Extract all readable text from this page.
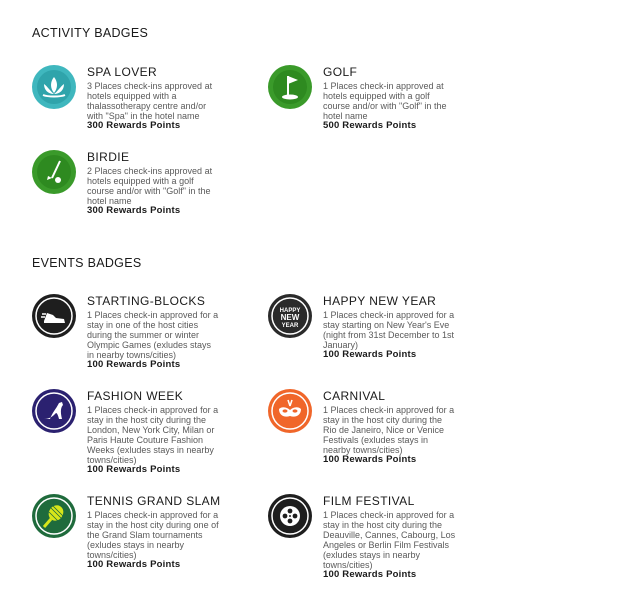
ACTIVITY BADGES
SPA LOVER
3 Places check-ins approved at
hotels equipped with a
thalassotherapy centre and/or
with "Spa" in the hotel name
300 Rewards Points
GOLF
1 Places check-in approved at
hotels equipped with a golf
course and/or with "Golf" in the
hotel name
500 Rewards Points
BIRDIE
2 Places check-ins approved at
hotels equipped with a golf
course and/or with "Golf" in the
hotel name
300 Rewards Points
EVENTS BADGES
STARTING-BLOCKS
1 Places check-in approved for a
stay in one of the host cities
during the summer or winter
Olympic Games (exludes stays
in nearby towns/cities)
100 Rewards Points
HAPPY
NEW
YEAR
HAPPY NEW YEAR
1 Places check-in approved for a
stay starting on New Year's Eve
(night from 31st December to 1st
January)
100 Rewards Points
FASHION WEEK
1 Places check-in approved for a
stay in the host city during the
London, New York City, Milan or
Paris Haute Couture Fashion
Weeks (exludes stays in nearby
towns/cities)
100 Rewards Points
CARNIVAL
1 Places check-in approved for a
stay in the host city during the
Rio de Janeiro, Nice or Venice
Festivals (exludes stays in
nearby towns/cities)
100 Rewards Points
TENNIS GRAND SLAM
1 Places check-in approved for a
stay in the host city during one of
the Grand Slam tournaments
(exludes stays in nearby
towns/cities)
100 Rewards Points
FILM FESTIVAL
1 Places check-in approved for a
stay in the host city during the
Deauville, Cannes, Cabourg, Los
Angeles or Berlin Film Festivals
(exludes stays in nearby
towns/cities)
100 Rewards Points
